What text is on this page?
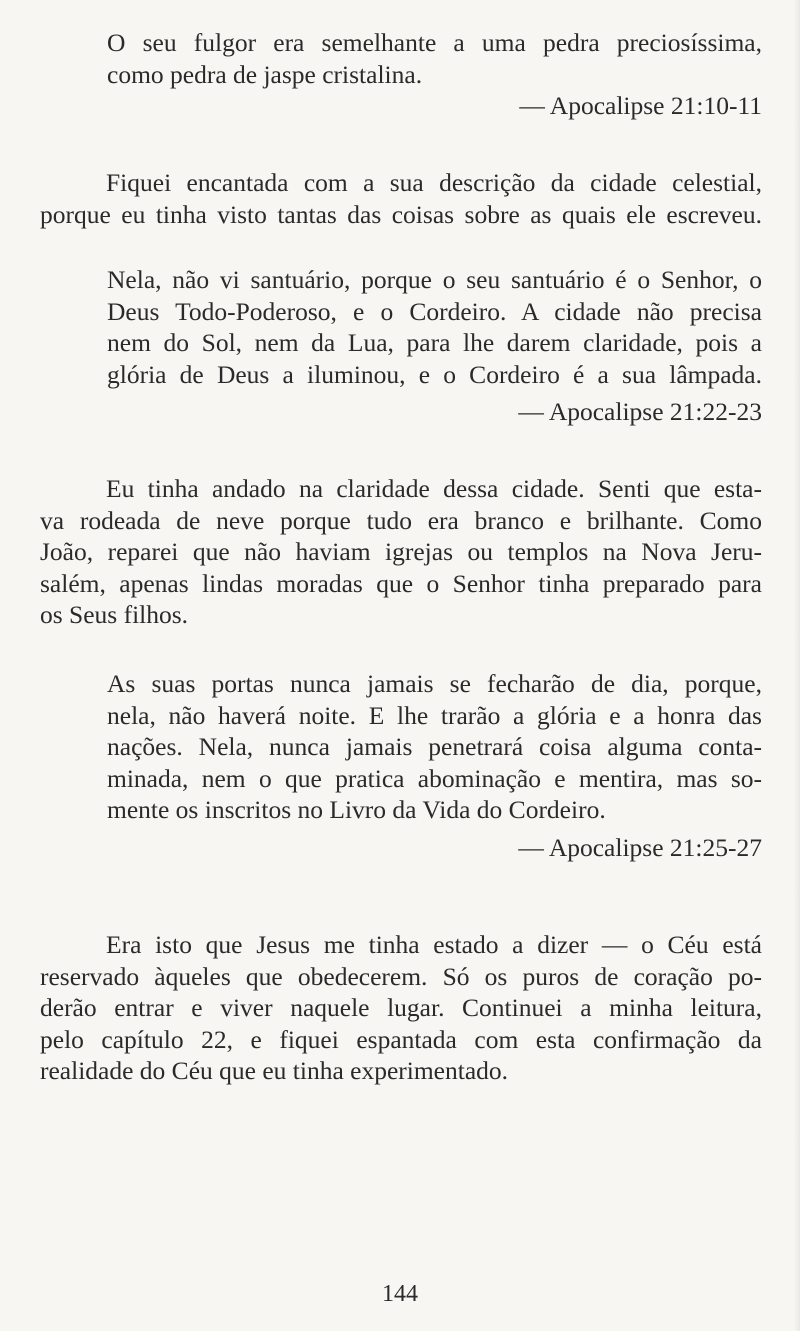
O seu fulgor era semelhante a uma pedra preciosíssima,
como pedra de jaspe cristalina.

— Apocalipse 21:10-11

Fiquei encantada com a sua descrição da cidade celestial,
porque eu tinha visto tantas das coisas sobre as quais ele escreveu.

Nela, não vi santuário, porque o seu santuário é o Senhor, o
Deus Todo-Poderoso, e o Cordeiro. A cidade não precisa
nem do Sol, nem da Lua, para lhe darem claridade, pois a
glória de Deus a iluminou, e o Cordeiro é a sua lâmpada.

— Apocalipse 21:22-23

Eu tinha andado na claridade dessa cidade. Senti que esta-
va rodeada de neve porque tudo era branco e brilhante. Como
João, reparei que não haviam igrejas ou templos na Nova Jeru-
salém, apenas lindas moradas que o Senhor tinha preparado para
os Seus filhos.

As suas portas nunca jamais se fecharão de dia, porque,
nela, não haverá noite. E lhe trarão a glória e a honra das
nações. Nela, nunca jamais penetrará coisa alguma conta-
minada, nem o que pratica abominação e mentira, mas so-
mente os inscritos no Livro da Vida do Cordeiro.

— Apocalipse 21:25-27

Era isto que Jesus me tinha estado a dizer — o Céu está
reservado àqueles que obedecerem. Só os puros de coração po-
derão entrar e viver naquele lugar. Continuei a minha leitura,
pelo capítulo 22, e fiquei espantada com esta confirmação da
realidade do Céu que eu tinha experimentado.

144
